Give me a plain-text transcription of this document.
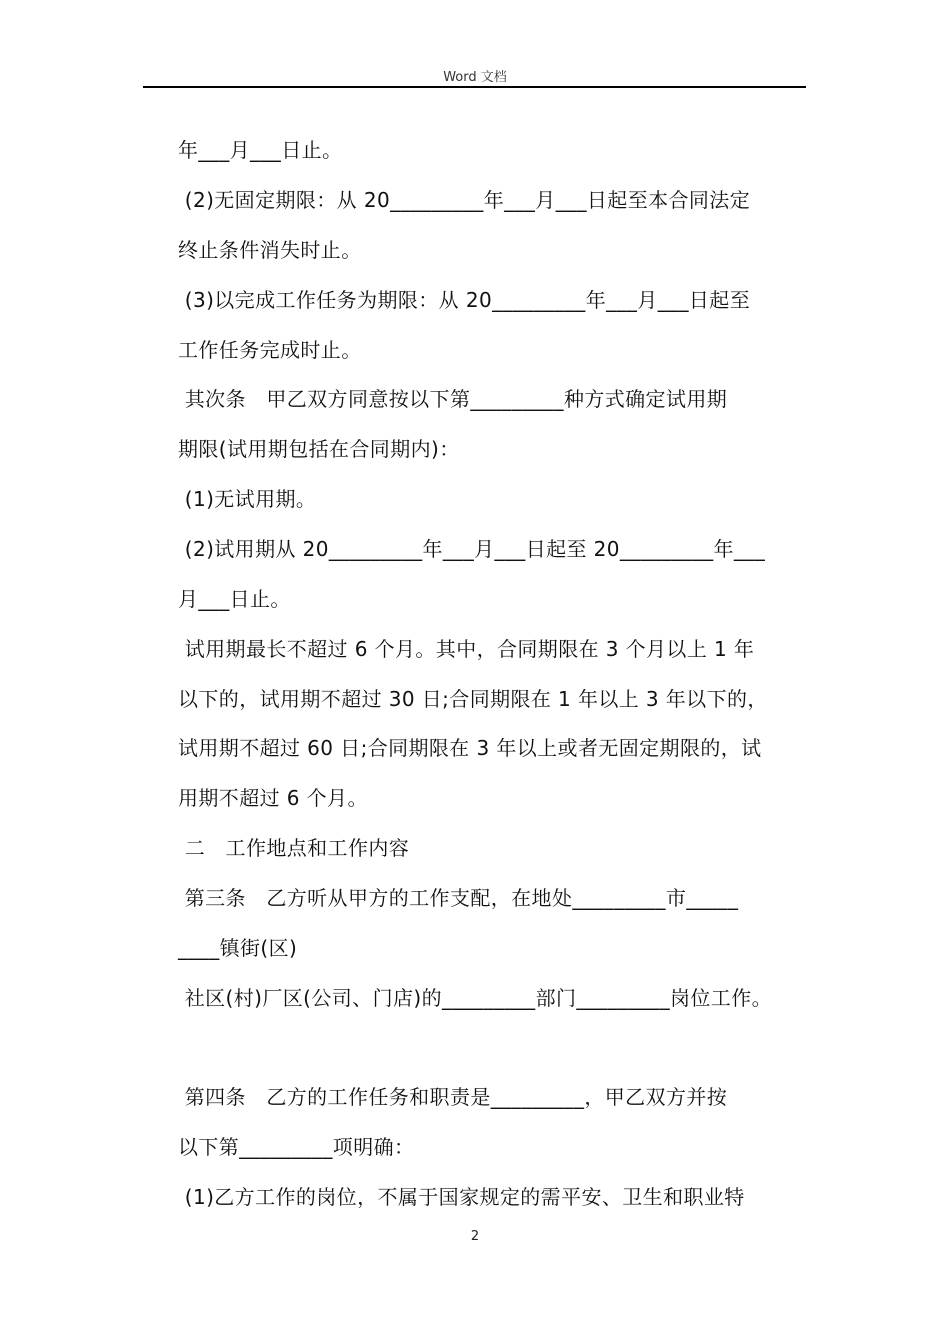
Word 文档
年___月___日止。
(2)无固定期限：从 20_________年___月___日起至本合同法定
终止条件消失时止。
(3)以完成工作任务为期限：从 20_________年___月___日起至
工作任务完成时止。
其次条　甲乙双方同意按以下第_________种方式确定试用期
期限(试用期包括在合同期内)：
(1)无试用期。
(2)试用期从 20_________年___月___日起至 20_________年___
月___日止。
试用期最长不超过 6 个月。其中，合同期限在 3 个月以上 1 年
以下的，试用期不超过 30 日;合同期限在 1 年以上 3 年以下的，
试用期不超过 60 日;合同期限在 3 年以上或者无固定期限的，试
用期不超过 6 个月。
二　工作地点和工作内容
第三条　乙方听从甲方的工作支配，在地处_________市_____
____镇街(区)
社区(村)厂区(公司、门店)的_________部门_________岗位工作。
第四条　乙方的工作任务和职责是_________，甲乙双方并按
以下第_________项明确：
(1)乙方工作的岗位，不属于国家规定的需平安、卫生和职业特
2
